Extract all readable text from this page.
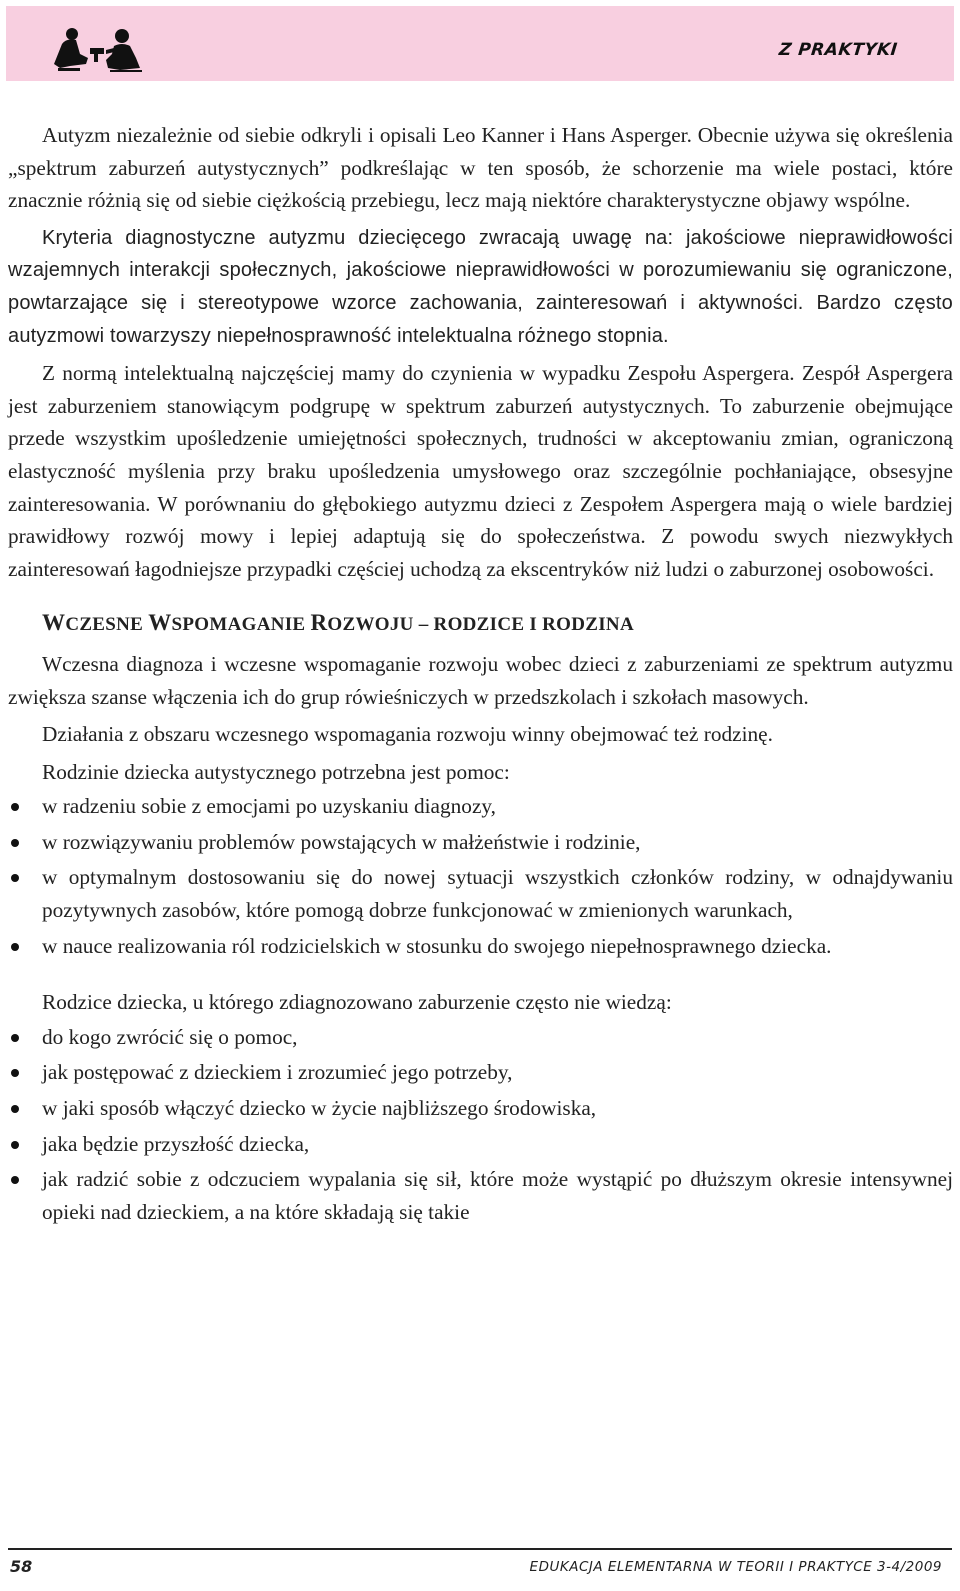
Z PRAKTYKI

Autyzm niezależnie od siebie odkryli i opisali Leo Kanner i Hans Asperger. Obecnie używa się określenia „spektrum zaburzeń autystycznych” podkreślając w ten sposób, że schorzenie ma wiele postaci, które znacznie różnią się od siebie ciężkością przebiegu, lecz mają niektóre charakterystyczne objawy wspólne.

Kryteria diagnostyczne autyzmu dziecięcego zwracają uwagę na: jakościowe nieprawidłowości wzajemnych interakcji społecznych, jakościowe nieprawidłowości w porozumiewaniu się ograniczone, powtarzające się i stereotypowe wzorce zachowania, zainteresowań i aktywności. Bardzo często autyzmowi towarzyszy niepełnosprawność intelektualna różnego stopnia.

Z normą intelektualną najczęściej mamy do czynienia w wypadku Zespołu Aspergera. Zespół Aspergera jest zaburzeniem stanowiącym podgrupę w spektrum zaburzeń autystycznych. To zaburzenie obejmujące przede wszystkim upośledzenie umiejętności społecznych, trudności w akceptowaniu zmian, ograniczoną elastyczność myślenia przy braku upośledzenia umysłowego oraz szczególnie pochłaniające, obsesyjne zainteresowania. W porównaniu do głębokiego autyzmu dzieci z Zespołem Aspergera mają o wiele bardziej prawidłowy rozwój mowy i lepiej adaptują się do społeczeństwa. Z powodu swych niezwykłych zainteresowań łagodniejsze przypadki częściej uchodzą za ekscentryków niż ludzi o zaburzonej osobowości.

WCZESNE WSPOMAGANIE ROZWOJU – RODZICE I RODZINA

Wczesna diagnoza i wczesne wspomaganie rozwoju wobec dzieci z zaburzeniami ze spektrum autyzmu zwiększa szanse włączenia ich do grup rówieśniczych w przedszkolach i szkołach masowych.

Działania z obszaru wczesnego wspomagania rozwoju winny obejmować też rodzinę.

Rodzinie dziecka autystycznego potrzebna jest pomoc:

w radzeniu sobie z emocjami po uzyskaniu diagnozy,
w rozwiązywaniu problemów powstających w małżeństwie i rodzinie,
w optymalnym dostosowaniu się do nowej sytuacji wszystkich członków rodziny, w odnajdywaniu pozytywnych zasobów, które pomogą dobrze funkcjonować w zmienionych warunkach,
w nauce realizowania ról rodzicielskich w stosunku do swojego niepełnosprawnego dziecka.

Rodzice dziecka, u którego zdiagnozowano zaburzenie często nie wiedzą:

do kogo zwrócić się o pomoc,
jak postępować z dzieckiem i zrozumieć jego potrzeby,
w jaki sposób włączyć dziecko w życie najbliższego środowiska,
jaka będzie przyszłość dziecka,
jak radzić sobie z odczuciem wypalania się sił, które może wystąpić po dłuższym okresie intensywnej opieki nad dzieckiem, a na które składają się takie
58	EDUKACJA ELEMENTARNA W TEORII I PRAKTYCE 3-4/2009
